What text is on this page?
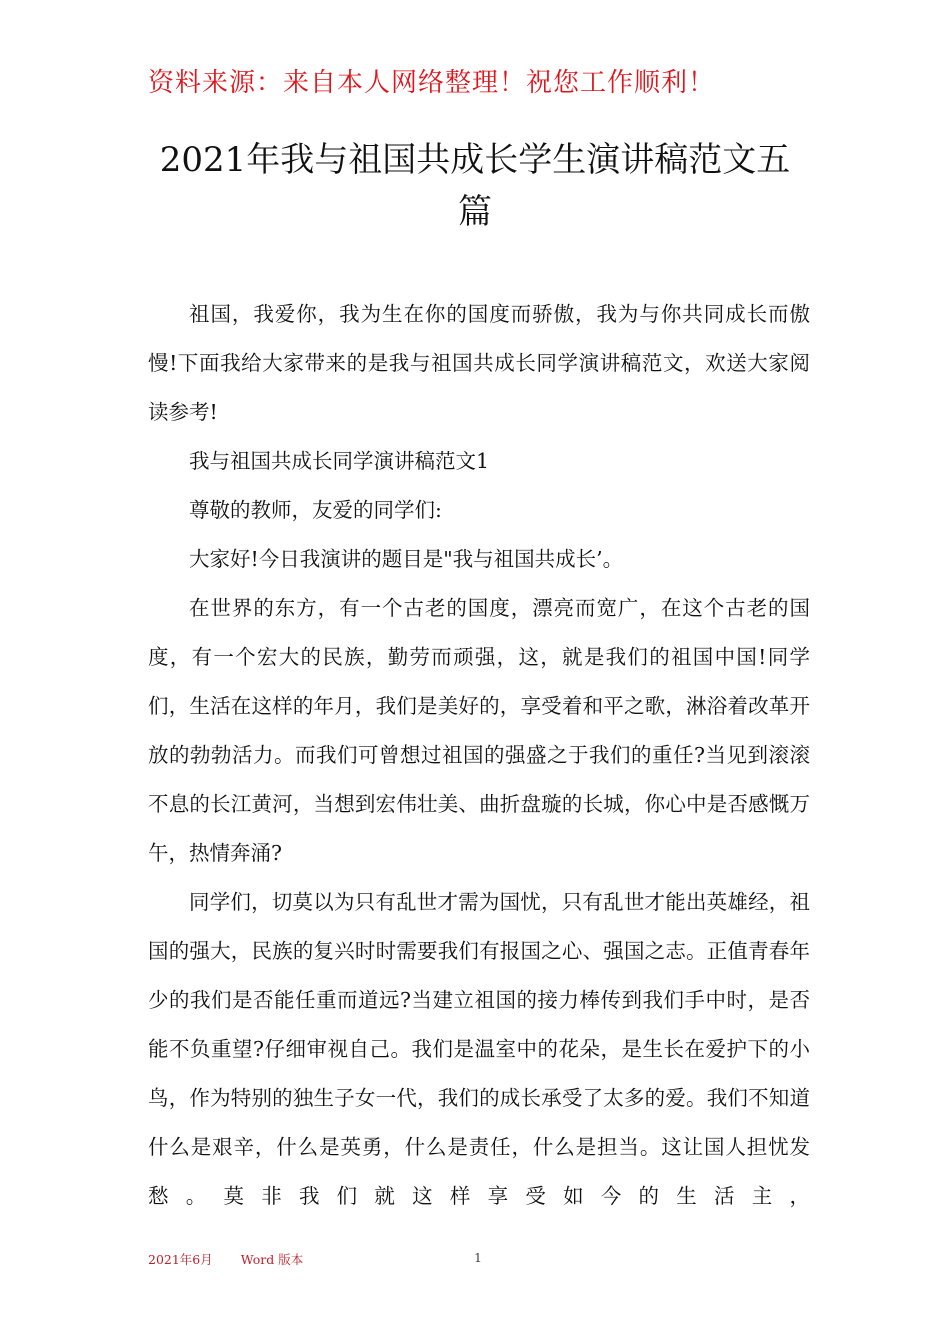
资料来源：来自本人网络整理！祝您工作顺利！
2021年我与祖国共成长学生演讲稿范文五
篇

祖国，我爱你，我为生在你的国度而骄傲，我为与你共同成长而傲慢!下面我给大家带来的是我与祖国共成长同学演讲稿范文，欢送大家阅读参考!

我与祖国共成长同学演讲稿范文1

尊敬的教师，友爱的同学们:

大家好!今日我演讲的题目是"我与祖国共成长’。

在世界的东方，有一个古老的国度，漂亮而宽广，在这个古老的国度，有一个宏大的民族，勤劳而顽强，这，就是我们的祖国中国!同学们，生活在这样的年月，我们是美好的，享受着和平之歌，淋浴着改革开放的勃勃活力。而我们可曾想过祖国的强盛之于我们的重任?当见到滚滚不息的长江黄河，当想到宏伟壮美、曲折盘璇的长城，你心中是否感慨万午，热情奔涌?

同学们，切莫以为只有乱世才需为国忧，只有乱世才能出英雄经，祖国的强大，民族的复兴时时需要我们有报国之心、强国之志。正值青春年少的我们是否能任重而道远?当建立祖国的接力棒传到我们手中时，是否能不负重望?仔细审视自己。我们是温室中的花朵，是生长在爱护下的小鸟，作为特别的独生子女一代，我们的成长承受了太多的爱。我们不知道什么是艰辛，什么是英勇，什么是责任，什么是担当。这让国人担忧发愁。莫非我们就这样享受如今的生活主，

2021年6月 Word 版本	1
